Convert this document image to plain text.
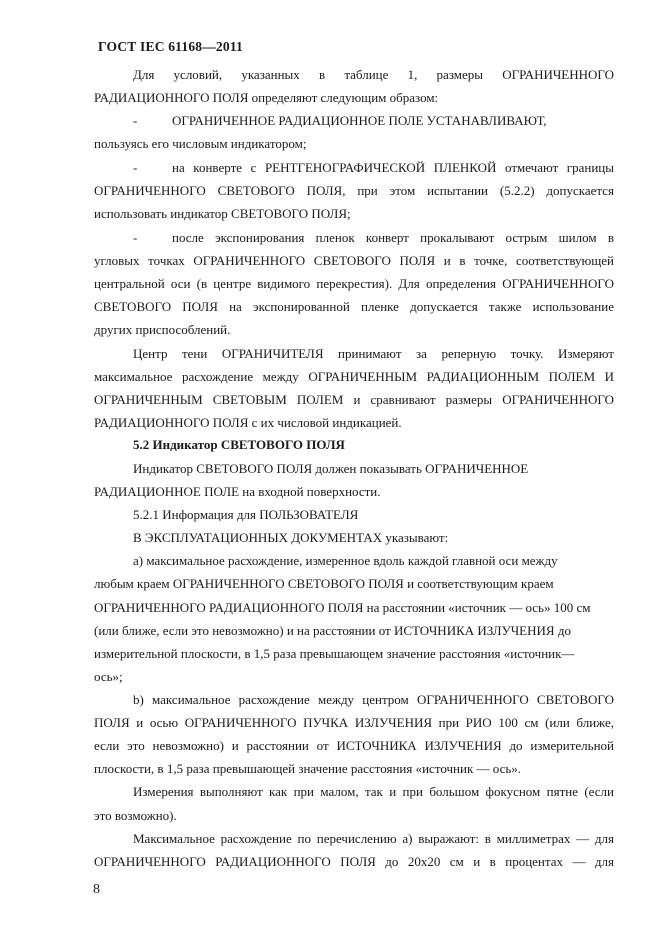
ГОСТ IEC 61168—2011
Для условий, указанных в таблице 1, размеры ОГРАНИЧЕННОГО
РАДИАЦИОННОГО ПОЛЯ определяют следующим образом:
ОГРАНИЧЕННОЕ РАДИАЦИОННОЕ ПОЛЕ УСТАНАВЛИВАЮТ,
пользуясь его числовым индикатором;
на конверте с РЕНТГЕНОГРАФИЧЕСКОЙ ПЛЕНКОЙ отмечают границы
ОГРАНИЧЕННОГО СВЕТОВОГО ПОЛЯ, при этом испытании (5.2.2) допускается
использовать индикатор СВЕТОВОГО ПОЛЯ;
после экспонирования пленок конверт прокалывают острым шилом в
угловых точках ОГРАНИЧЕННОГО СВЕТОВОГО ПОЛЯ и в точке, соответствующей
центральной оси (в центре видимого перекрестия). Для определения ОГРАНИЧЕННОГО
СВЕТОВОГО ПОЛЯ на экспонированной пленке допускается также использование
других приспособлений.
Центр тени ОГРАНИЧИТЕЛЯ принимают за реперную точку. Измеряют
максимальное расхождение между ОГРАНИЧЕННЫМ РАДИАЦИОННЫМ ПОЛЕМ И
ОГРАНИЧЕННЫМ СВЕТОВЫМ ПОЛЕМ и сравнивают размеры ОГРАНИЧЕННОГО
РАДИАЦИОННОГО ПОЛЯ с их числовой индикацией.
5.2 Индикатор СВЕТОВОГО ПОЛЯ
Индикатор СВЕТОВОГО ПОЛЯ должен показывать ОГРАНИЧЕННОЕ
РАДИАЦИОННОЕ ПОЛЕ на входной поверхности.
5.2.1 Информация для ПОЛЬЗОВАТЕЛЯ
В ЭКСПЛУАТАЦИОННЫХ ДОКУМЕНТАХ указывают:
а) максимальное расхождение, измеренное вдоль каждой главной оси между
любым краем ОГРАНИЧЕННОГО СВЕТОВОГО ПОЛЯ и соответствующим краем
ОГРАНИЧЕННОГО РАДИАЦИОННОГО ПОЛЯ на расстоянии «источник — ось» 100 см
(или ближе, если это невозможно) и на расстоянии от ИСТОЧНИКА ИЗЛУЧЕНИЯ до
измерительной плоскости, в 1,5 раза превышающем значение расстояния «источник—
ось»;
b) максимальное расхождение между центром ОГРАНИЧЕННОГО СВЕТОВОГО
ПОЛЯ и осью ОГРАНИЧЕННОГО ПУЧКА ИЗЛУЧЕНИЯ при РИО 100 см (или ближе,
если это невозможно) и расстоянии от ИСТОЧНИКА ИЗЛУЧЕНИЯ до измерительной
плоскости, в 1,5 раза превышающей значение расстояния «источник — ось».
Измерения выполняют как при малом, так и при большом фокусном пятне (если
это возможно).
Максимальное расхождение по перечислению а) выражают: в миллиметрах — для
ОГРАНИЧЕННОГО РАДИАЦИОННОГО ПОЛЯ до 20х20 см и в процентах — для
-
-
-
8
